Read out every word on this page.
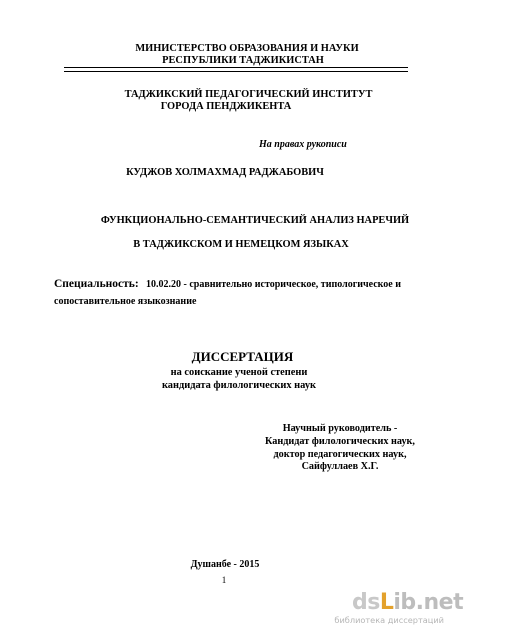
МИНИСТЕРСТВО ОБРАЗОВАНИЯ И НАУКИ
РЕСПУБЛИКИ ТАДЖИКИСТАН
ТАДЖИКСКИЙ ПЕДАГОГИЧЕСКИЙ ИНСТИТУТ
ГОРОДА ПЕНДЖИКЕНТА
На правах рукописи
КУДЖОВ ХОЛМАХМАД РАДЖАБОВИЧ
ФУНКЦИОНАЛЬНО-СЕМАНТИЧЕСКИЙ АНАЛИЗ НАРЕЧИЙ
В ТАДЖИКСКОМ И НЕМЕЦКОМ ЯЗЫКАХ
Специальность: 10.02.20 - сравнительно историческое, типологическое и
сопоставительное языкознание
ДИССЕРТАЦИЯ
на соискание ученой степени
кандидата филологических наук
Научный руководитель -
Кандидат филологических наук,
доктор педагогических наук,
Сайфуллаев Х.Г.
Душанбе - 2015
1
dsLib.net
библиотека диссертаций
